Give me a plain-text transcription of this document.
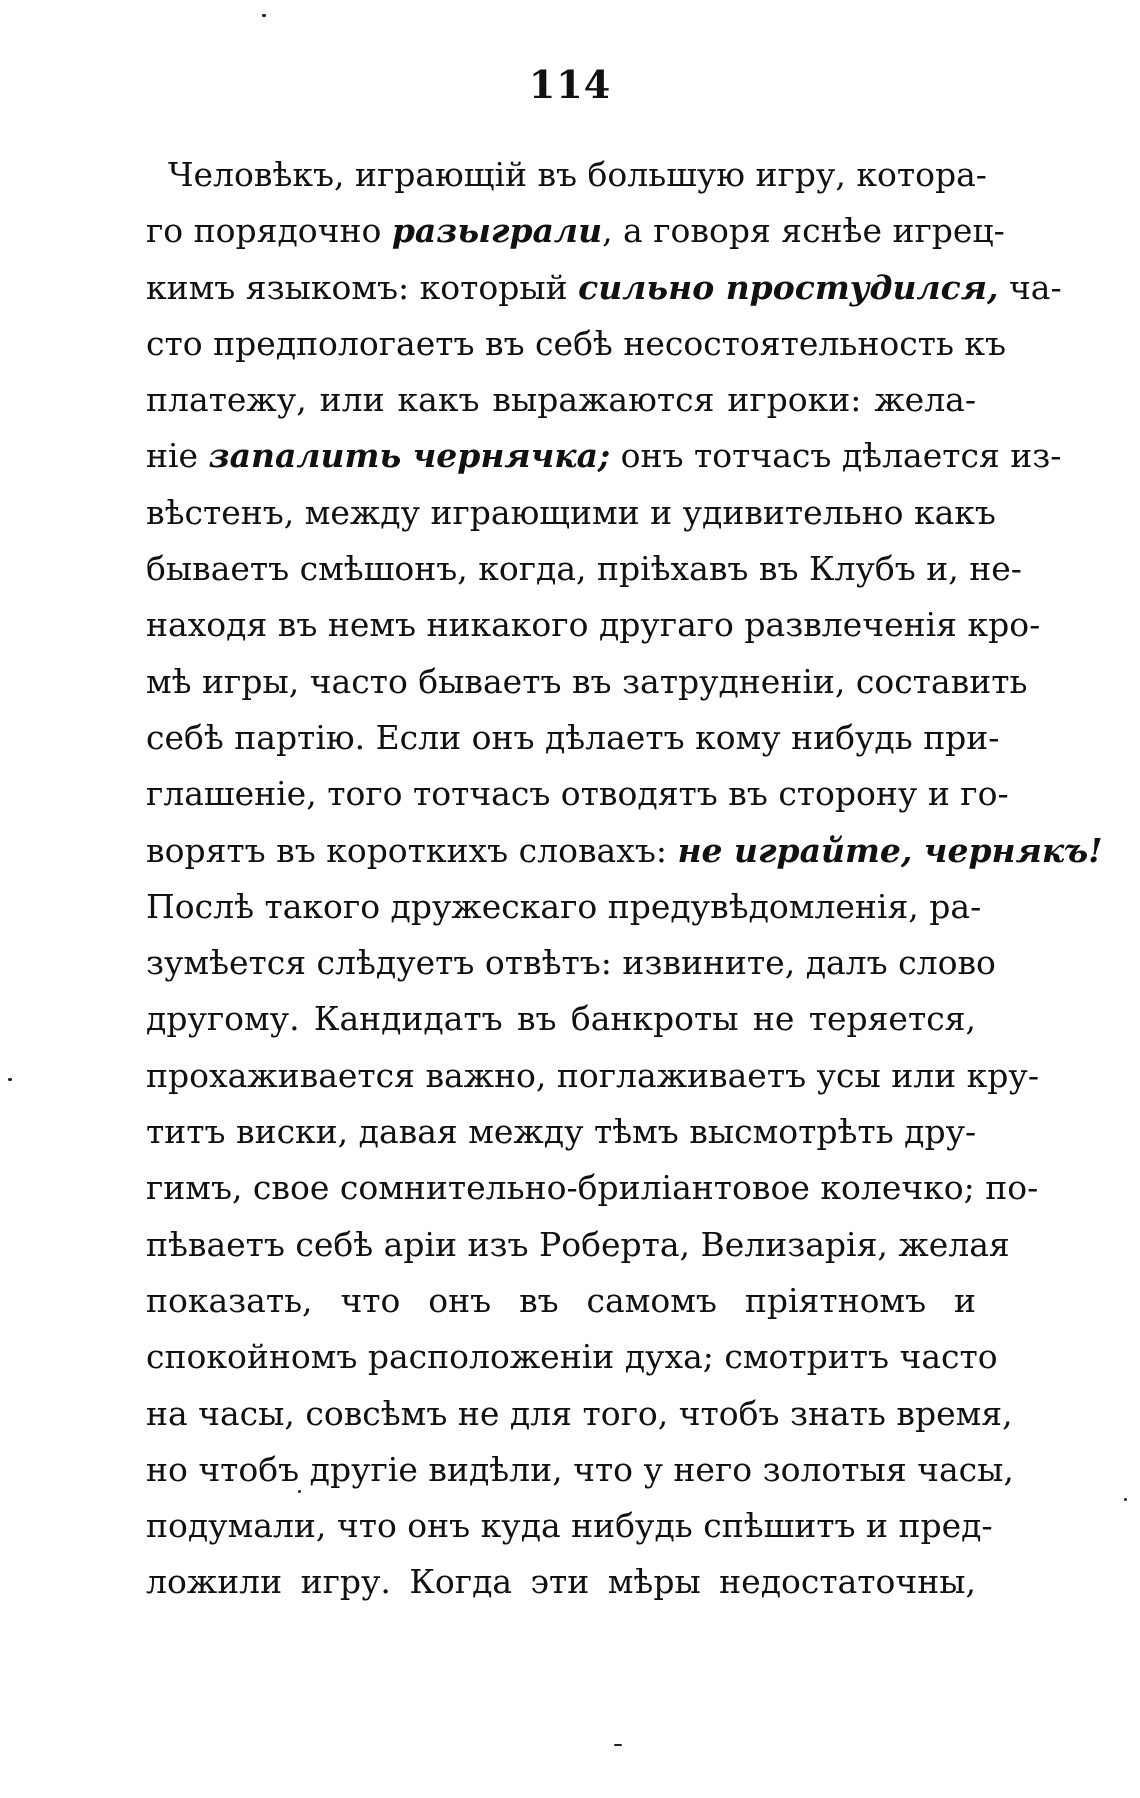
114
Человѣкъ, играющій въ большую игру, котора-
го порядочно разыграли, а говоря яснѣе игрец-
кимъ языкомъ: который сильно простудился, ча-
сто предпологаетъ въ себѣ несостоятельность къ
платежу, или какъ выражаются игроки: жела-
ніе запалить чернячка; онъ тотчасъ дѣлается из-
вѣстенъ, между играющими и удивительно какъ
бываетъ смѣшонъ, когда, пріѣхавъ въ Клубъ и, не-
находя въ немъ никакого другаго развлеченія кро-
мѣ игры, часто бываетъ въ затрудненіи, составить
себѣ партію. Если онъ дѣлаетъ кому нибудь при-
глашеніе, того тотчасъ отводятъ въ сторону и го-
ворятъ въ короткихъ словахъ: не играйте, чернякъ!
Послѣ такого дружескаго предувѣдомленія, ра-
зумѣется слѣдуетъ отвѣтъ: извините, далъ слово
другому. Кандидатъ въ банкроты не теряется,
прохаживается важно, поглаживаетъ усы или кру-
титъ виски, давая между тѣмъ высмотрѣть дру-
гимъ, свое сомнительно-бриліантовое колечко; по-
пѣваетъ себѣ аріи изъ Роберта, Велизарія, желая
показать, что онъ въ самомъ пріятномъ и
спокойномъ расположеніи духа; смотритъ часто
на часы, совсѣмъ не для того, чтобъ знать время,
но чтобъ другіе видѣли, что у него золотыя часы,
подумали, что онъ куда нибудь спѣшитъ и пред-
ложили игру. Когда эти мѣры недостаточны,
